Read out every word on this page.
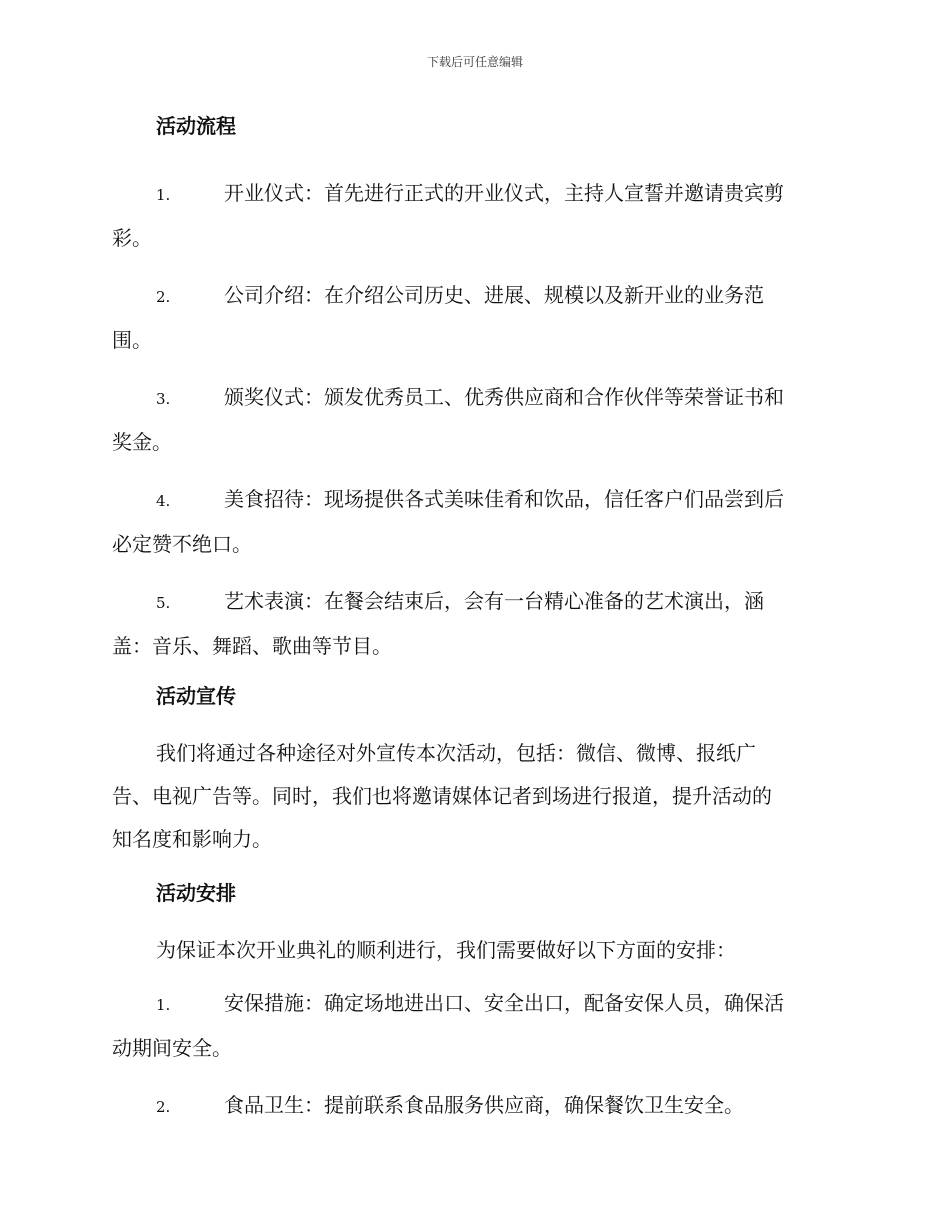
下载后可任意编辑
活动流程
1.	开业仪式：首先进行正式的开业仪式，主持人宣誓并邀请贵宾剪
彩。
2.	公司介绍：在介绍公司历史、进展、规模以及新开业的业务范
围。
3.	颁奖仪式：颁发优秀员工、优秀供应商和合作伙伴等荣誉证书和
奖金。
4.	美食招待：现场提供各式美味佳肴和饮品，信任客户们品尝到后
必定赞不绝口。
5.	艺术表演：在餐会结束后，会有一台精心准备的艺术演出，涵
盖：音乐、舞蹈、歌曲等节目。
活动宣传
我们将通过各种途径对外宣传本次活动，包括：微信、微博、报纸广
告、电视广告等。同时，我们也将邀请媒体记者到场进行报道，提升活动的
知名度和影响力。
活动安排
为保证本次开业典礼的顺利进行，我们需要做好以下方面的安排：
1.	安保措施：确定场地进出口、安全出口，配备安保人员，确保活
动期间安全。
2.	食品卫生：提前联系食品服务供应商，确保餐饮卫生安全。
